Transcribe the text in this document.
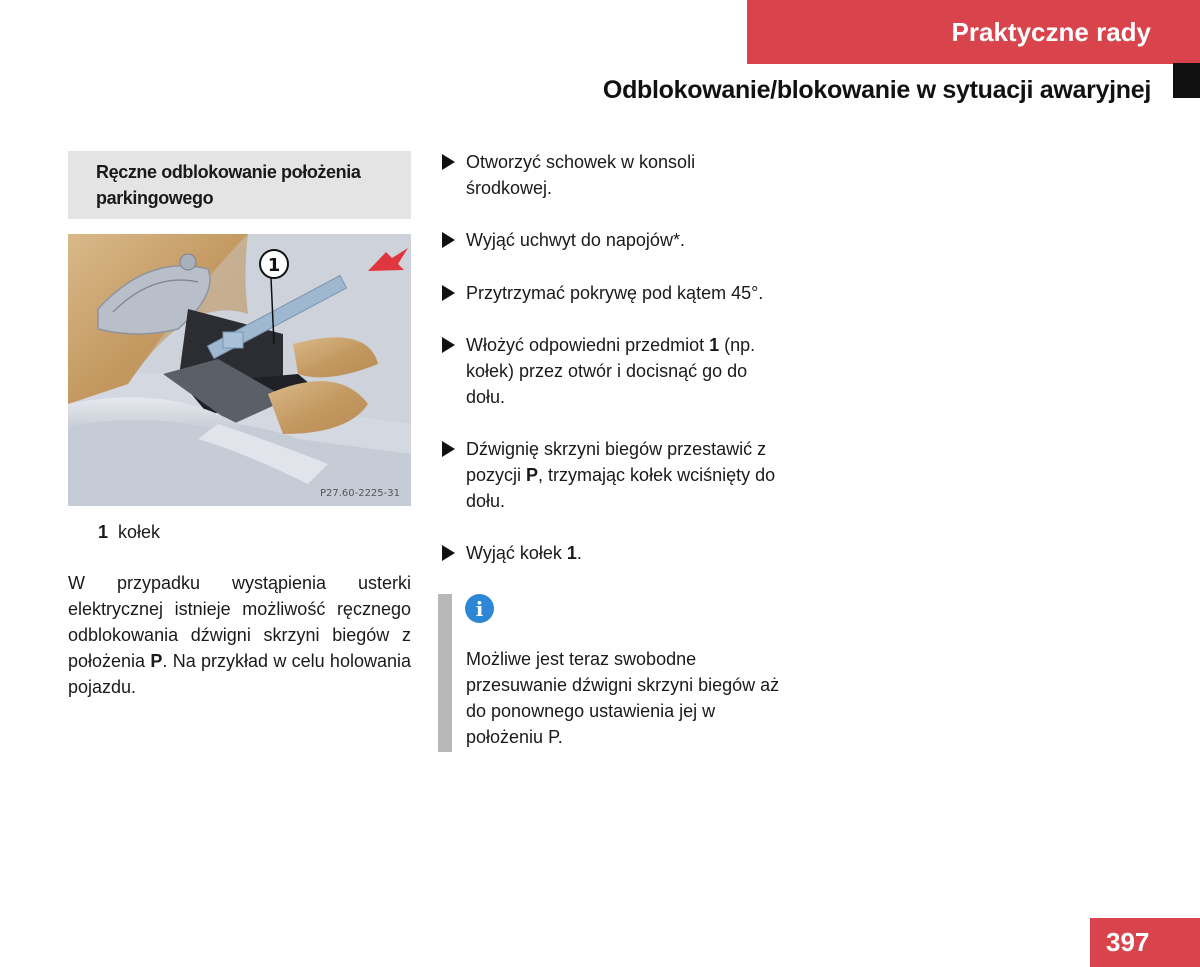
Praktyczne rady
Odblokowanie/blokowanie w sytuacji awaryjnej
Ręczne odblokowanie położenia parkingowego
1
P27.60-2225-31
1 kołek
W przypadku wystąpienia usterki elektrycznej istnieje możliwość ręcznego odblokowania dźwigni skrzyni biegów z położenia P. Na przykład w celu holowania pojazdu.
Otworzyć schowek w konsoli środkowej.
Wyjąć uchwyt do napojów*.
Przytrzymać pokrywę pod kątem 45°.
Włożyć odpowiedni przedmiot 1 (np. kołek) przez otwór i docisnąć go do dołu.
Dźwignię skrzyni biegów przestawić z pozycji P, trzymając kołek wciśnięty do dołu.
Wyjąć kołek 1.
i
Możliwe jest teraz swobodne przesuwanie dźwigni skrzyni biegów aż do ponownego ustawienia jej w położeniu P.
397
